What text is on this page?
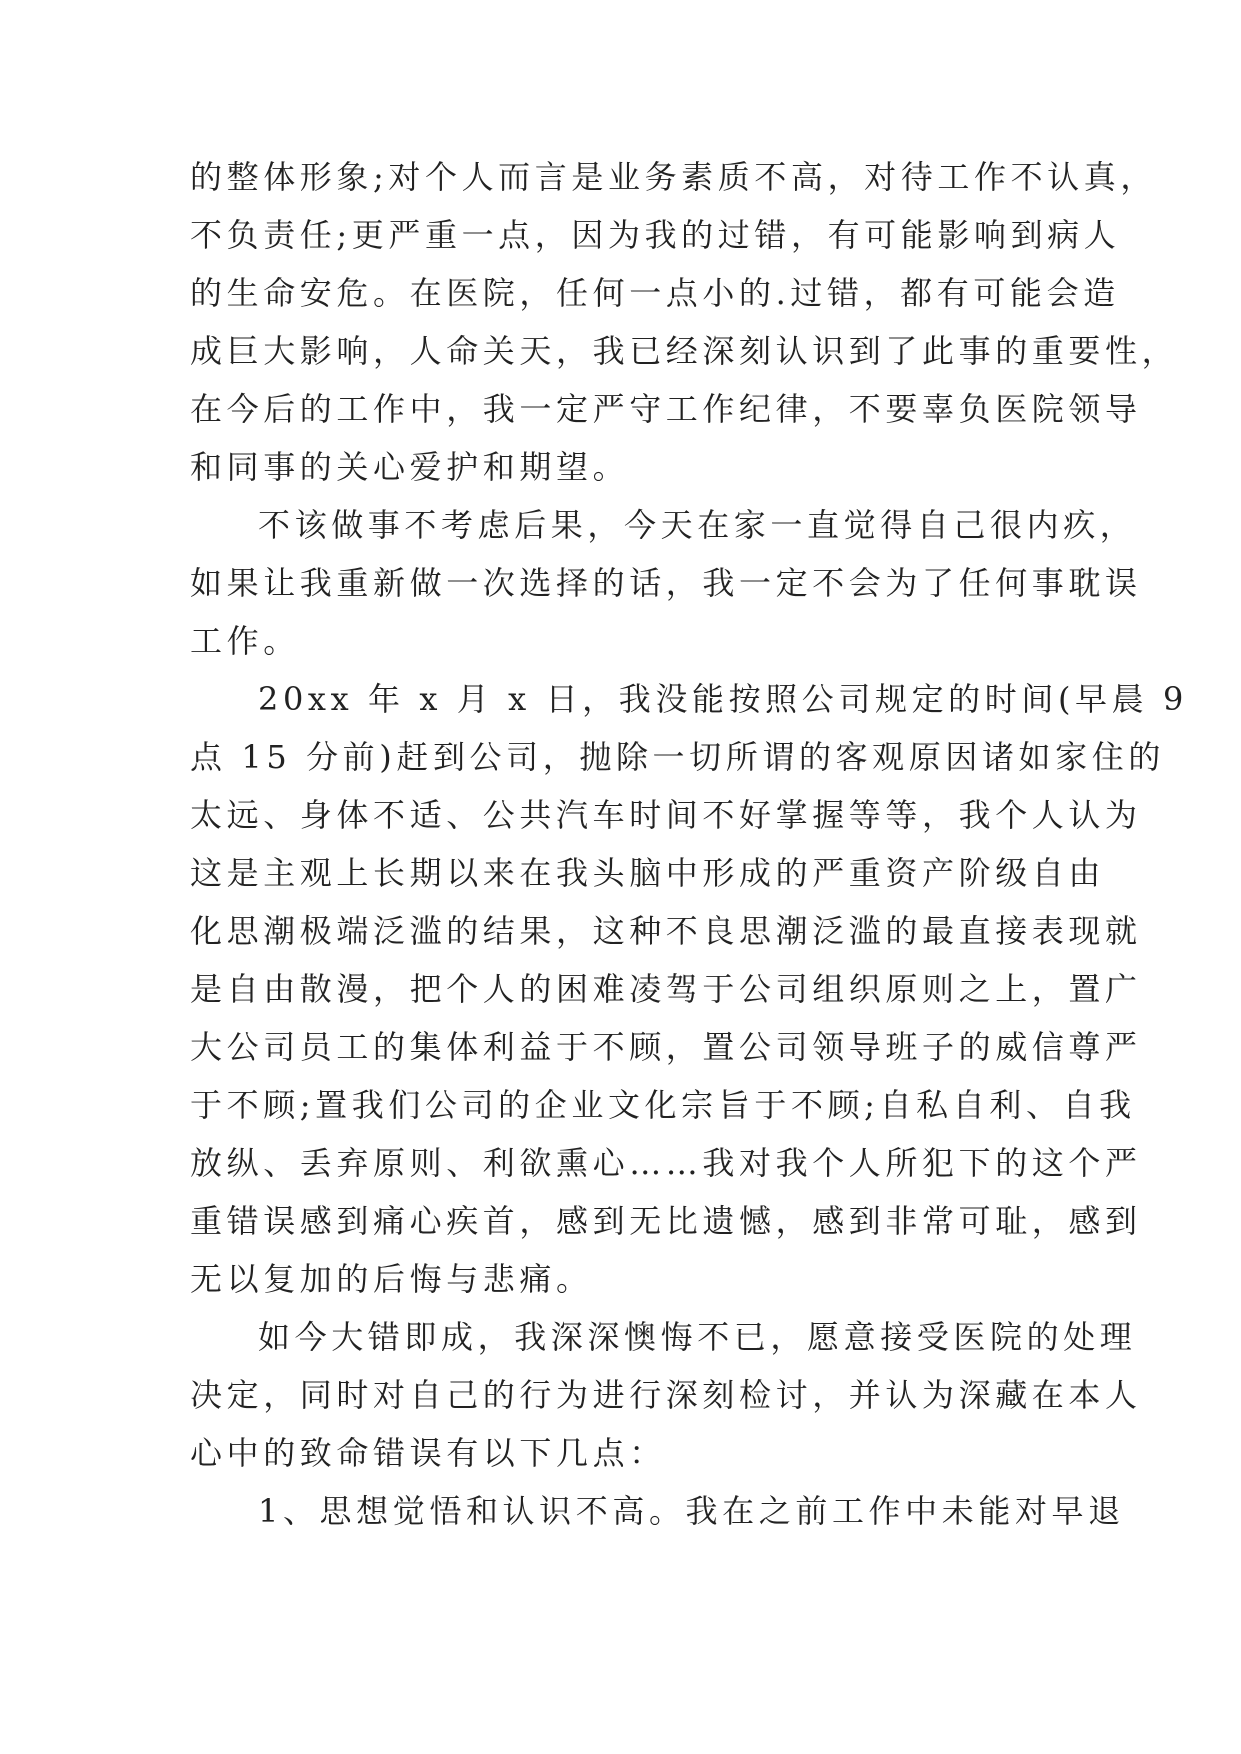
的整体形象;对个人而言是业务素质不高，对待工作不认真，
不负责任;更严重一点，因为我的过错，有可能影响到病人
的生命安危。在医院，任何一点小的.过错，都有可能会造
成巨大影响，人命关天，我已经深刻认识到了此事的重要性，
在今后的工作中，我一定严守工作纪律，不要辜负医院领导
和同事的关心爱护和期望。
不该做事不考虑后果，今天在家一直觉得自己很内疚，
如果让我重新做一次选择的话，我一定不会为了任何事耽误
工作。
20xx 年 x 月 x 日，我没能按照公司规定的时间(早晨 9
点 15 分前)赶到公司，抛除一切所谓的客观原因诸如家住的
太远、身体不适、公共汽车时间不好掌握等等，我个人认为
这是主观上长期以来在我头脑中形成的严重资产阶级自由
化思潮极端泛滥的结果，这种不良思潮泛滥的最直接表现就
是自由散漫，把个人的困难凌驾于公司组织原则之上，置广
大公司员工的集体利益于不顾，置公司领导班子的威信尊严
于不顾;置我们公司的企业文化宗旨于不顾;自私自利、自我
放纵、丢弃原则、利欲熏心……我对我个人所犯下的这个严
重错误感到痛心疾首，感到无比遗憾，感到非常可耻，感到
无以复加的后悔与悲痛。
如今大错即成，我深深懊悔不已，愿意接受医院的处理
决定，同时对自己的行为进行深刻检讨，并认为深藏在本人
心中的致命错误有以下几点：
1、思想觉悟和认识不高。我在之前工作中未能对早退
